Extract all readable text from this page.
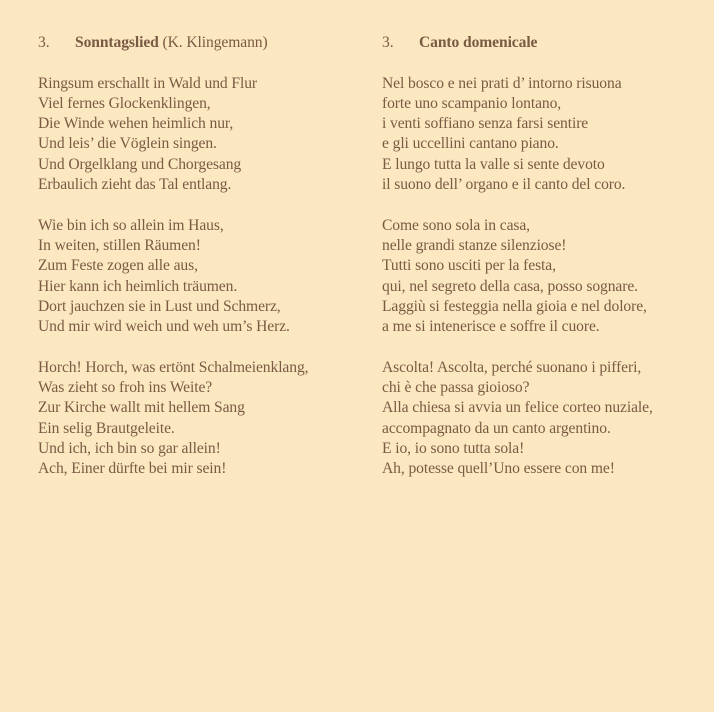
3.	Sonntagslied (K. Klingemann)
Ringsum erschallt in Wald und Flur
Viel fernes Glockenklingen,
Die Winde wehen heimlich nur,
Und leis’ die Vöglein singen.
Und Orgelklang und Chorgesang
Erbaulich zieht das Tal entlang.
Wie bin ich so allein im Haus,
In weiten, stillen Räumen!
Zum Feste zogen alle aus,
Hier kann ich heimlich träumen.
Dort jauchzen sie in Lust und Schmerz,
Und mir wird weich und weh um’s Herz.
Horch! Horch, was ertönt Schalmeienklang,
Was zieht so froh ins Weite?
Zur Kirche wallt mit hellem Sang
Ein selig Brautgeleite.
Und ich, ich bin so gar allein!
Ach, Einer dürfte bei mir sein!
3.	Canto domenicale
Nel bosco e nei prati d’ intorno risuona
forte uno scampanio lontano,
i venti soffiano senza farsi sentire
e gli uccellini cantano piano.
E lungo tutta la valle si sente devoto
il suono dell’ organo e il canto del coro.
Come sono sola in casa,
nelle grandi stanze silenziose!
Tutti sono usciti per la festa,
qui, nel segreto della casa, posso sognare.
Laggiù si festeggia nella gioia e nel dolore,
a me si intenerisce e soffre il cuore.
Ascolta! Ascolta, perché suonano i pifferi,
chi è che passa gioioso?
Alla chiesa si avvia un felice corteo nuziale,
accompagnato da un canto argentino.
E io, io sono tutta sola!
Ah, potesse quell’Uno essere con me!
